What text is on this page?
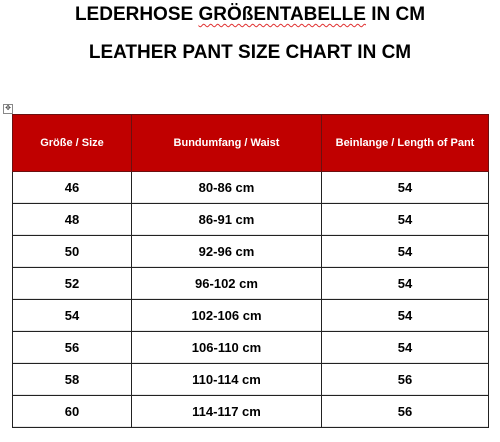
LEDERHOSE GRÖßENTABELLE IN CM
LEATHER PANT SIZE CHART IN CM
✥
Größe / Size	Bundumfang / Waist	Beinlange / Length of Pant
46	80-86 cm	54
48	86-91 cm	54
50	92-96 cm	54
52	96-102 cm	54
54	102-106 cm	54
56	106-110 cm	54
58	110-114 cm	56
60	114-117 cm	56
